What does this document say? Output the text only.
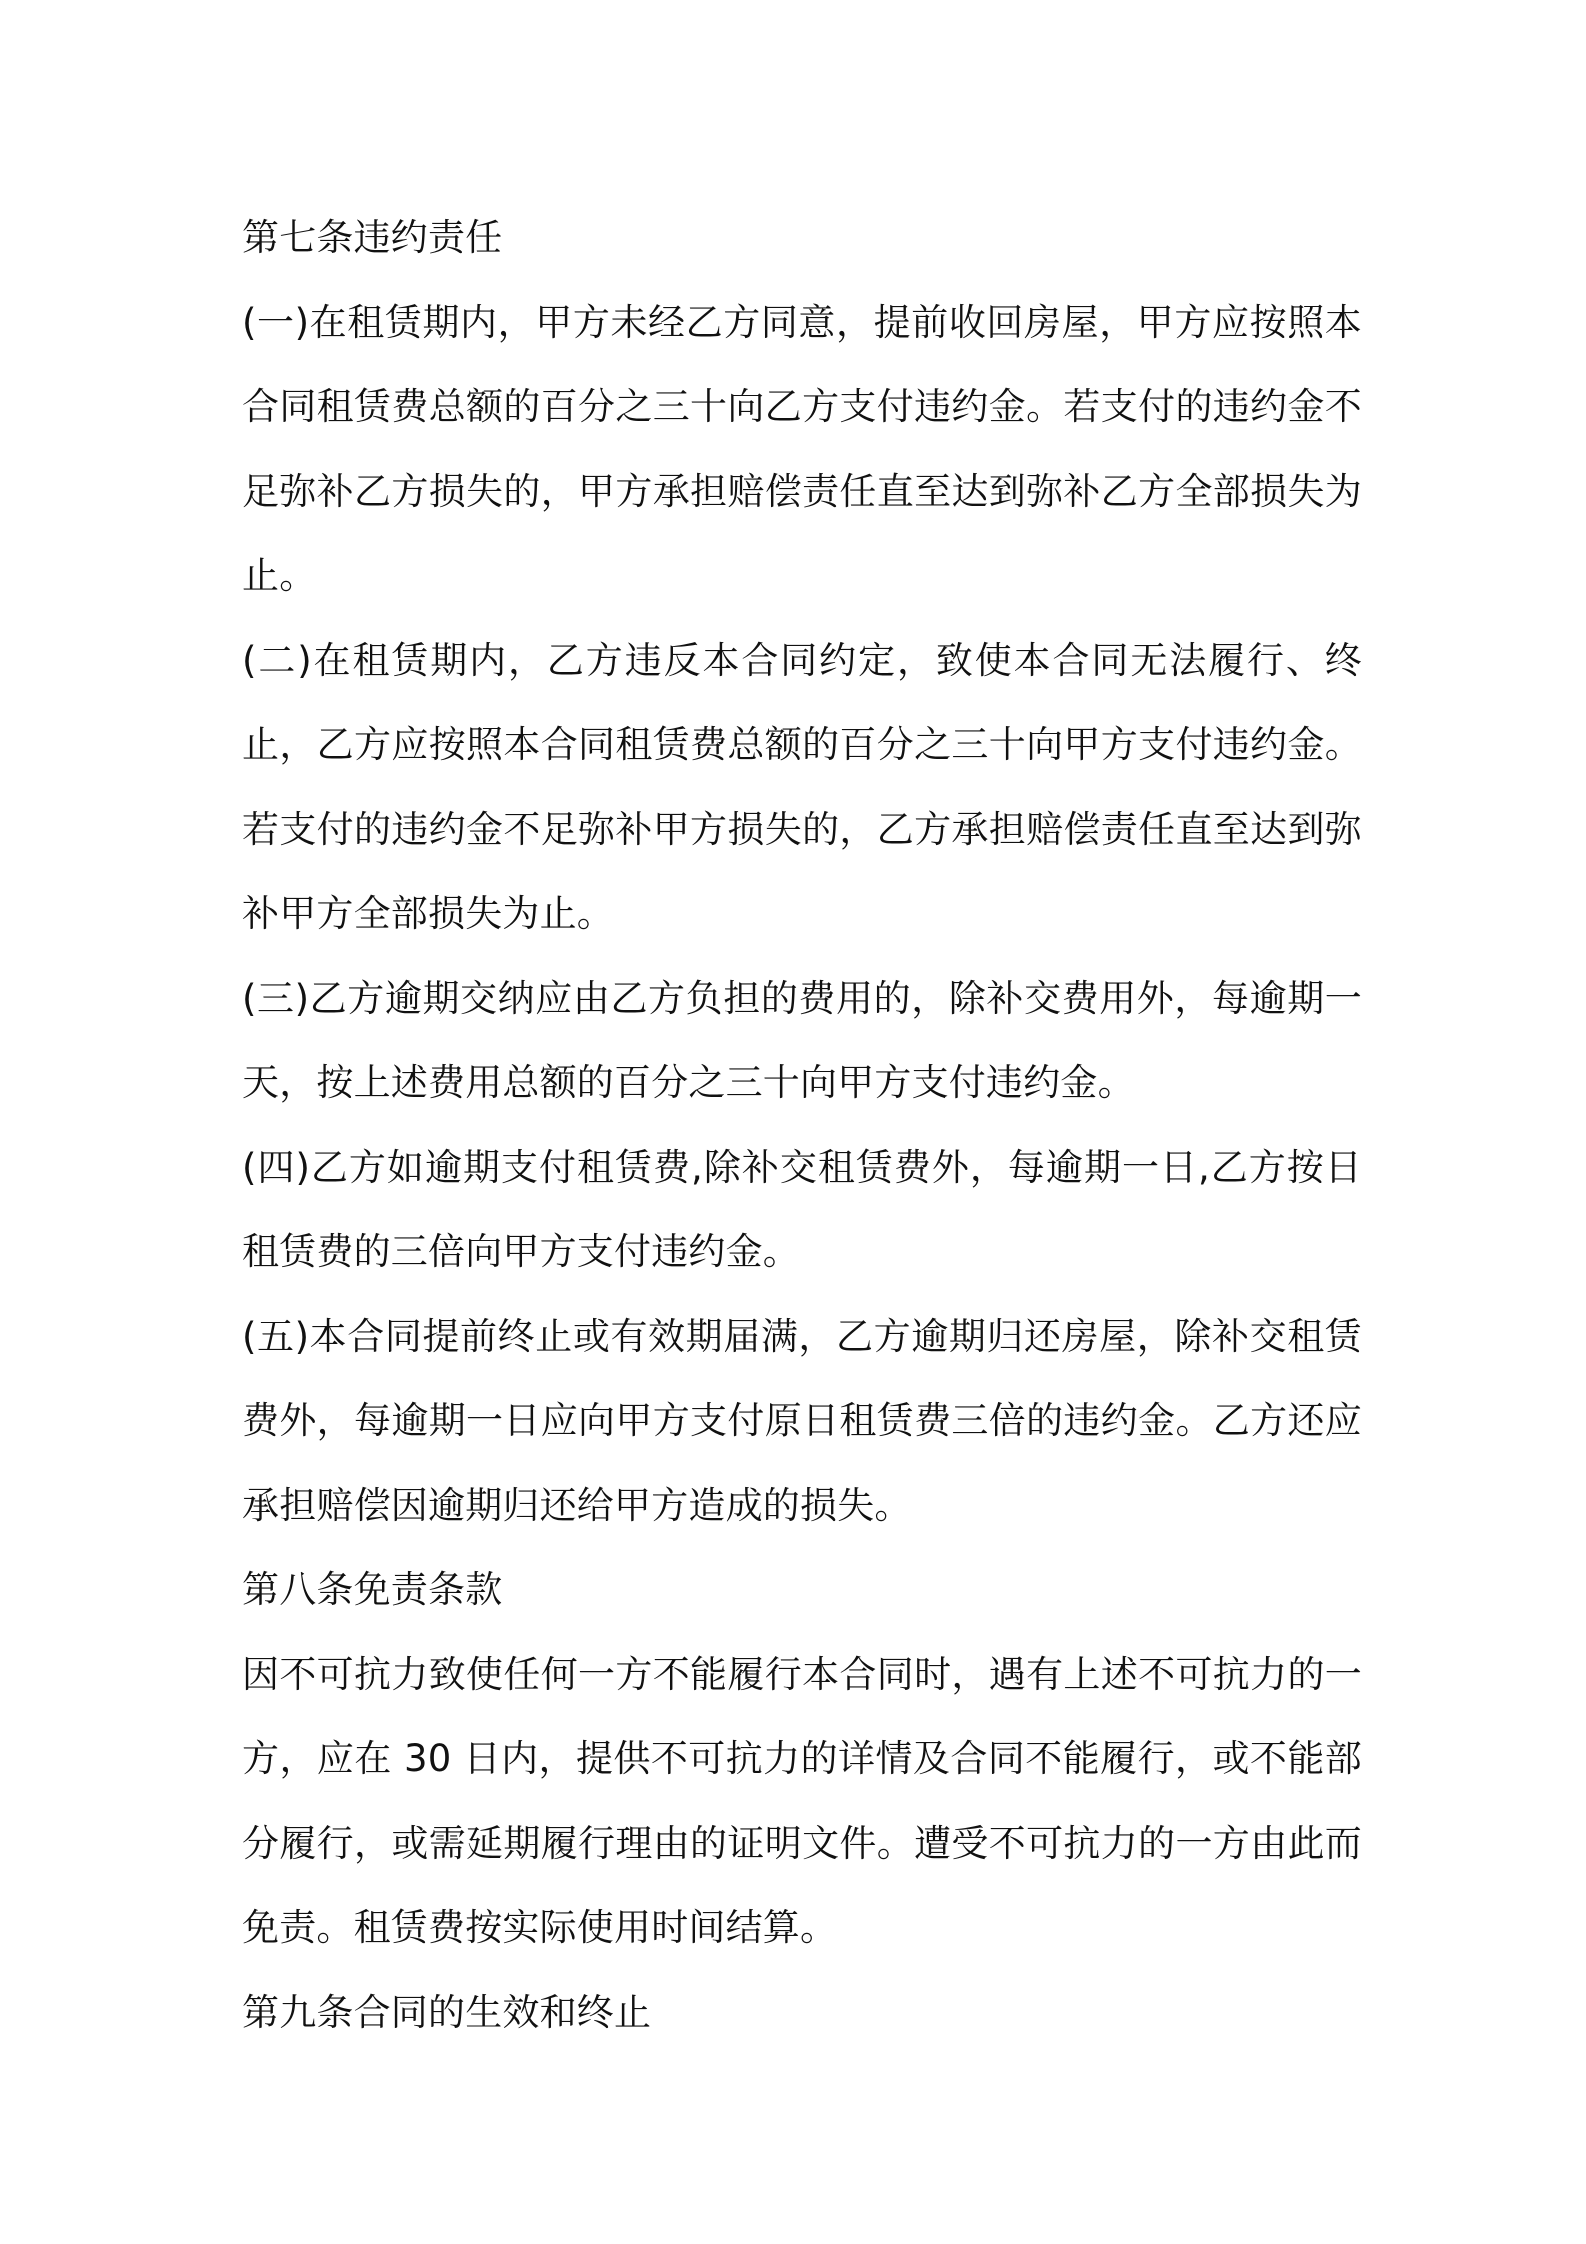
第七条违约责任

(一)在租赁期内，甲方未经乙方同意，提前收回房屋，甲方应按照本合同租赁费总额的百分之三十向乙方支付违约金。若支付的违约金不足弥补乙方损失的，甲方承担赔偿责任直至达到弥补乙方全部损失为止。

(二)在租赁期内，乙方违反本合同约定，致使本合同无法履行、终止，乙方应按照本合同租赁费总额的百分之三十向甲方支付违约金。若支付的违约金不足弥补甲方损失的，乙方承担赔偿责任直至达到弥补甲方全部损失为止。

(三)乙方逾期交纳应由乙方负担的费用的，除补交费用外，每逾期一天，按上述费用总额的百分之三十向甲方支付违约金。

(四)乙方如逾期支付租赁费,除补交租赁费外，每逾期一日,乙方按日租赁费的三倍向甲方支付违约金。

(五)本合同提前终止或有效期届满，乙方逾期归还房屋，除补交租赁费外，每逾期一日应向甲方支付原日租赁费三倍的违约金。乙方还应承担赔偿因逾期归还给甲方造成的损失。

第八条免责条款

因不可抗力致使任何一方不能履行本合同时，遇有上述不可抗力的一方，应在 30 日内，提供不可抗力的详情及合同不能履行，或不能部分履行，或需延期履行理由的证明文件。遭受不可抗力的一方由此而免责。租赁费按实际使用时间结算。

第九条合同的生效和终止
